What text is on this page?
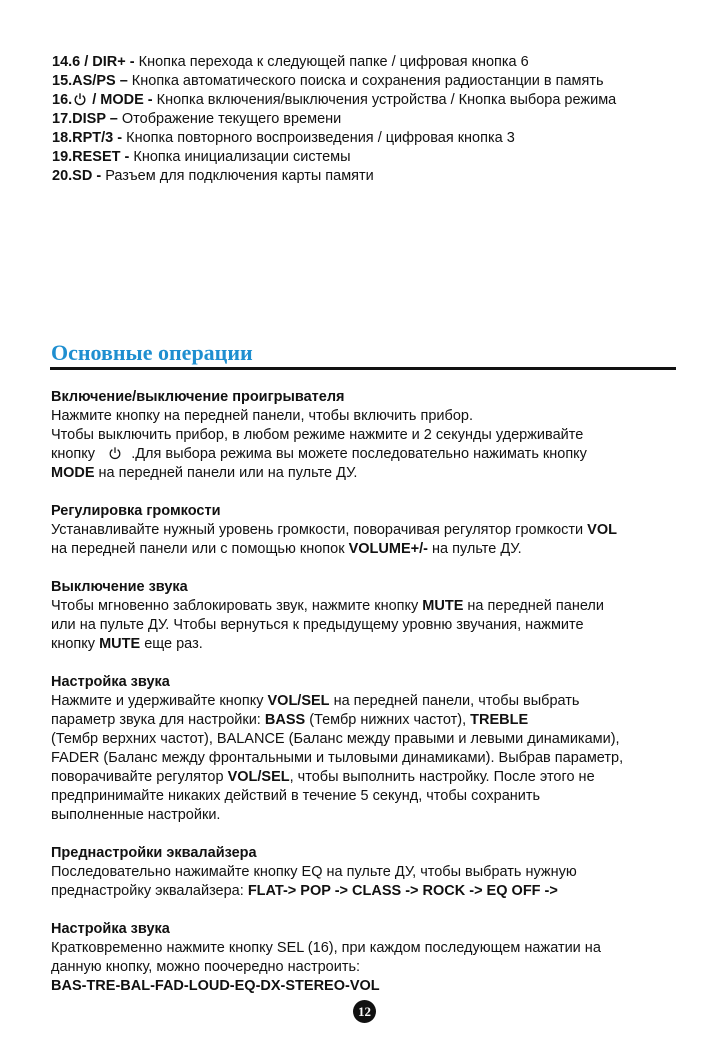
14.6 / DIR+ - Кнопка перехода к следующей папке / цифровая кнопка 6
15.AS/PS – Кнопка автоматического поиска и сохранения радиостанции в память
16. / MODE - Кнопка включения/выключения устройства / Кнопка выбора режима
17.DISP – Отображение текущего времени
18.RPT/3 - Кнопка повторного воспроизведения / цифровая кнопка 3
19.RESET - Кнопка инициализации системы
20.SD - Разъем для подключения карты памяти
Основные операции
Включение/выключение проигрывателя

Нажмите кнопку на передней панели, чтобы включить прибор.

Чтобы выключить прибор, в любом режиме нажмите и 2 секунды удерживайте

кнопку .Для выбора режима вы можете последовательно нажимать кнопку

MODE на передней панели или на пульте ДУ.

Регулировка громкости

Устанавливайте нужный уровень громкости, поворачивая регулятор громкости VOL

на передней панели или с помощью кнопок VOLUME+/- на пульте ДУ.

Выключение звука

Чтобы мгновенно заблокировать звук, нажмите кнопку MUTE на передней панели

или на пульте ДУ. Чтобы вернуться к предыдущему уровню звучания, нажмите

кнопку MUTE еще раз.

Настройка звука

Нажмите и удерживайте кнопку VOL/SEL на передней панели, чтобы выбрать

параметр звука для настройки: BASS (Тембр нижних частот), TREBLE

(Тембр верхних частот), BALANCE (Баланс между правыми и левыми динамиками),

FADER (Баланс между фронтальными и тыловыми динамиками). Выбрав параметр,

поворачивайте регулятор VOL/SEL, чтобы выполнить настройку. После этого не

предпринимайте никаких действий в течение 5 секунд, чтобы сохранить

выполненные настройки.

Преднастройки эквалайзера

Последовательно нажимайте кнопку EQ на пульте ДУ, чтобы выбрать нужную

преднастройку эквалайзера: FLAT-> POP -> CLASS -> ROCK -> EQ OFF ->

Настройка звука

Кратковременно нажмите кнопку SEL (16), при каждом последующем нажатии на

данную кнопку, можно поочередно настроить:

BAS-TRE-BAL-FAD-LOUD-EQ-DX-STEREO-VOL

12
